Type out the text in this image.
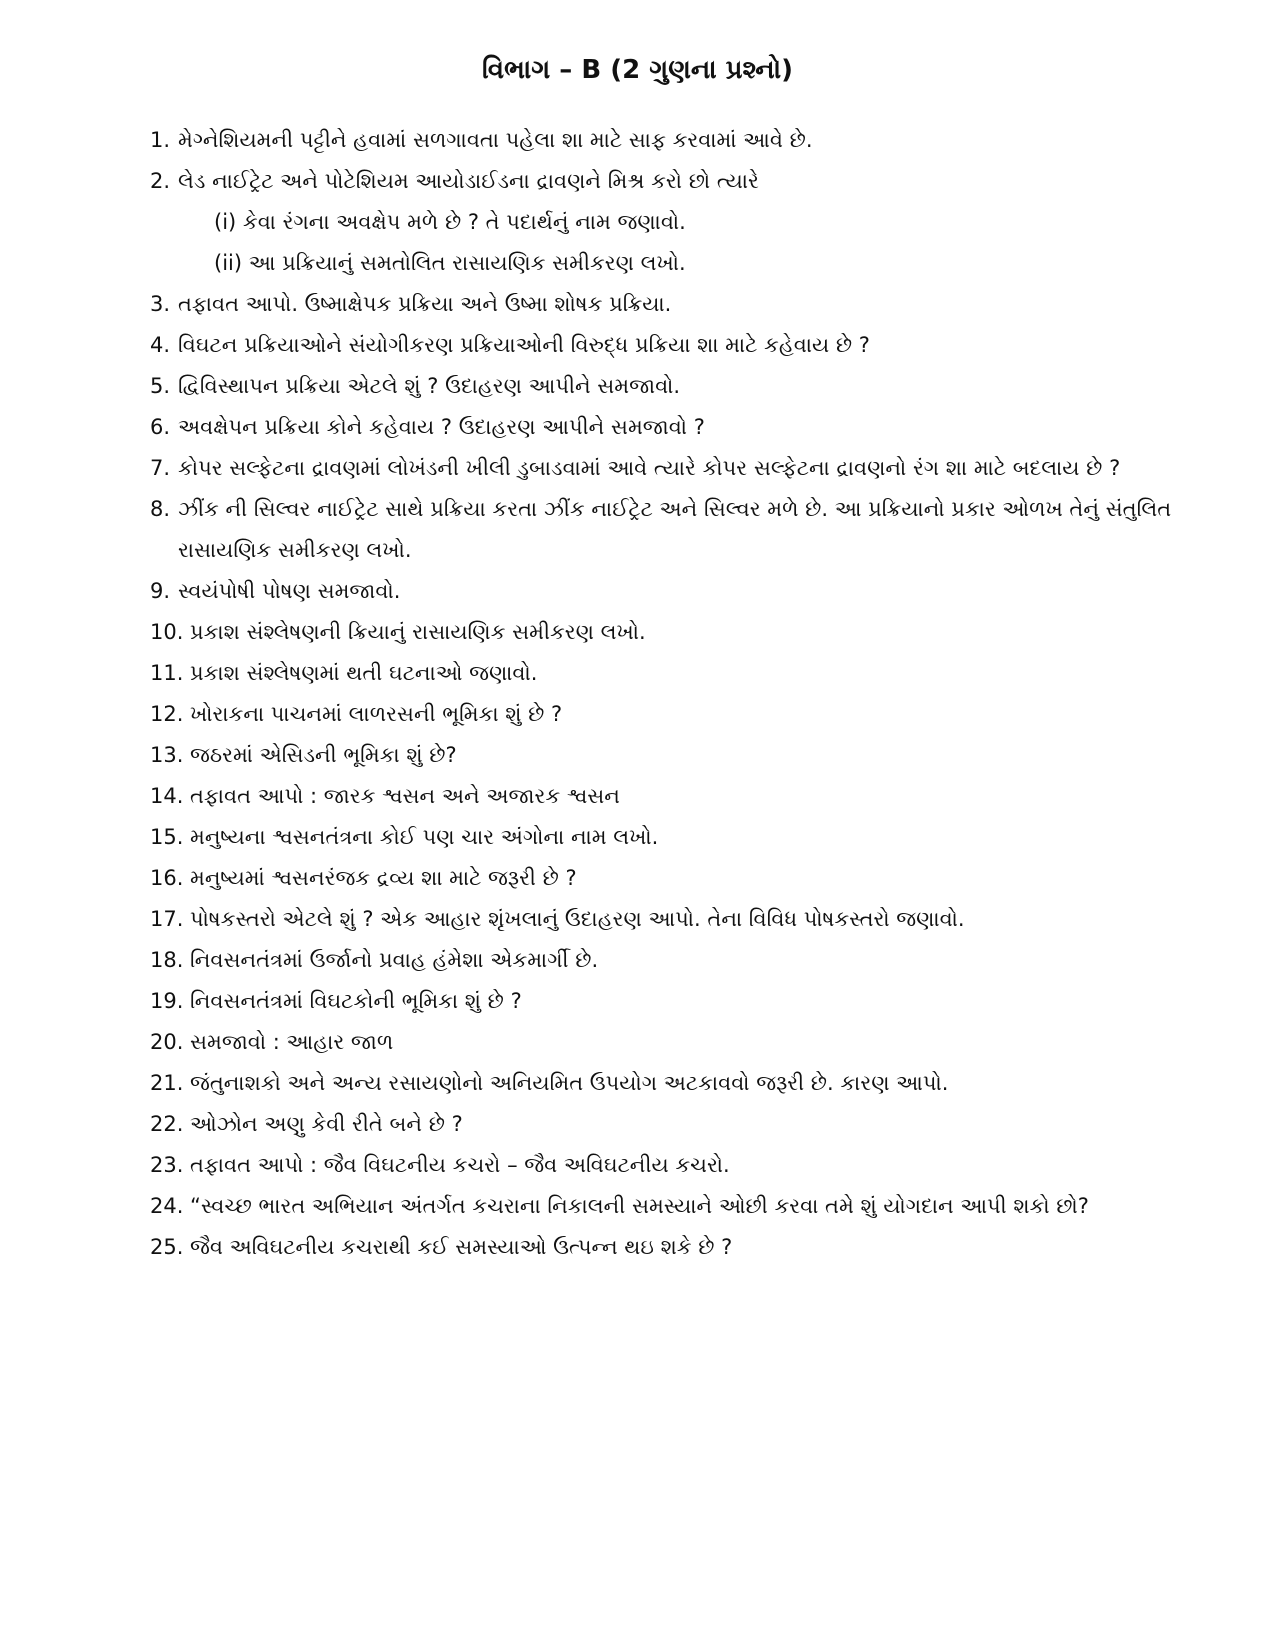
વિભાગ – B (2 ગુણના પ્રશ્નો)
1. મેગ્નેશિયમની પટ્ટીને હવામાં સળગાવતા પહેલા શા માટે સાફ કરવામાં આવે છે.
2. લેડ નાઈટ્રેટ અને પોટેશિયમ આયોડાઈડના દ્રાવણને મિશ્ર કરો છો ત્યારે
(i) કેવા રંગના અવક્ષેપ મળે છે ? તે પદાર્થનું નામ જણાવો.
(ii) આ પ્રક્રિયાનું સમતોલિત રાસાયણિક સમીકરણ લખો.
3. તફાવત આપો. ઉષ્માક્ષેપક પ્રક્રિયા અને ઉષ્મા શોષક પ્રક્રિયા.
4. વિઘટન પ્રક્રિયાઓને સંયોગીકરણ પ્રક્રિયાઓની વિરુદ્ધ પ્રક્રિયા શા માટે કહેવાય છે ?
5. દ્વિવિસ્થાપન પ્રક્રિયા એટલે શું ? ઉદાહરણ આપીને સમજાવો.
6. અવક્ષેપન પ્રક્રિયા કોને કહેવાય ? ઉદાહરણ આપીને સમજાવો ?
7. કોપર સલ્ફેટના દ્રાવણમાં લોખંડની ખીલી ડુબાડવામાં આવે ત્યારે કોપર સલ્ફેટના દ્રાવણનો રંગ શા માટે બદલાય છે ?
8. ઝીંક ની સિલ્વર નાઈટ્રેટ સાથે પ્રક્રિયા કરતા ઝીંક નાઈટ્રેટ અને સિલ્વર મળે છે. આ પ્રક્રિયાનો પ્રકાર ઓળખ તેનું સંતુલિત રાસાયણિક સમીકરણ લખો.
9. સ્વયંપોષી પોષણ સમજાવો.
10. પ્રકાશ સંશ્લેષણની ક્રિયાનું રાસાયણિક સમીકરણ લખો.
11. પ્રકાશ સંશ્લેષણમાં થતી ઘટનાઓ જણાવો.
12. ખોરાકના પાચનમાં લાળરસની ભૂમિકા શું છે ?
13. જઠરમાં એસિડની ભૂમિકા શું છે?
14. તફાવત આપો : જારક શ્વસન અને અજારક શ્વસન
15. મનુષ્યના શ્વસનતંત્રના કોઈ પણ ચાર અંગોના નામ લખો.
16. મનુષ્યમાં શ્વસનરંજક દ્રવ્ય શા માટે જરૂરી છે ?
17. પોષકસ્તરો એટલે શું ? એક આહાર શૃંખલાનું ઉદાહરણ આપો. તેના વિવિધ પોષકસ્તરો જણાવો.
18. નિવસનતંત્રમાં ઉર્જાનો પ્રવાહ હંમેશા એકમાર્ગી છે.
19. નિવસનતંત્રમાં વિઘટકોની ભૂમિકા શું છે ?
20. સમજાવો : આહાર જાળ
21. જંતુનાશકો અને અન્ય રસાયણોનો અનિયમિત ઉપયોગ અટકાવવો જરૂરી છે. કારણ આપો.
22. ઓઝોન અણુ કેવી રીતે બને છે ?
23. તફાવત આપો : જૈવ વિઘટનીય કચરો – જૈવ અવિઘટનીય કચરો.
24. “સ્વચ્છ ભારત અભિયાન અંતર્ગત કચરાના નિકાલની સમસ્યાને ઓછી કરવા તમે શું યોગદાન આપી શકો છો?
25. જૈવ અવિઘટનીય કચરાથી કઈ સમસ્યાઓ ઉત્પન્ન થઇ શકે છે ?
